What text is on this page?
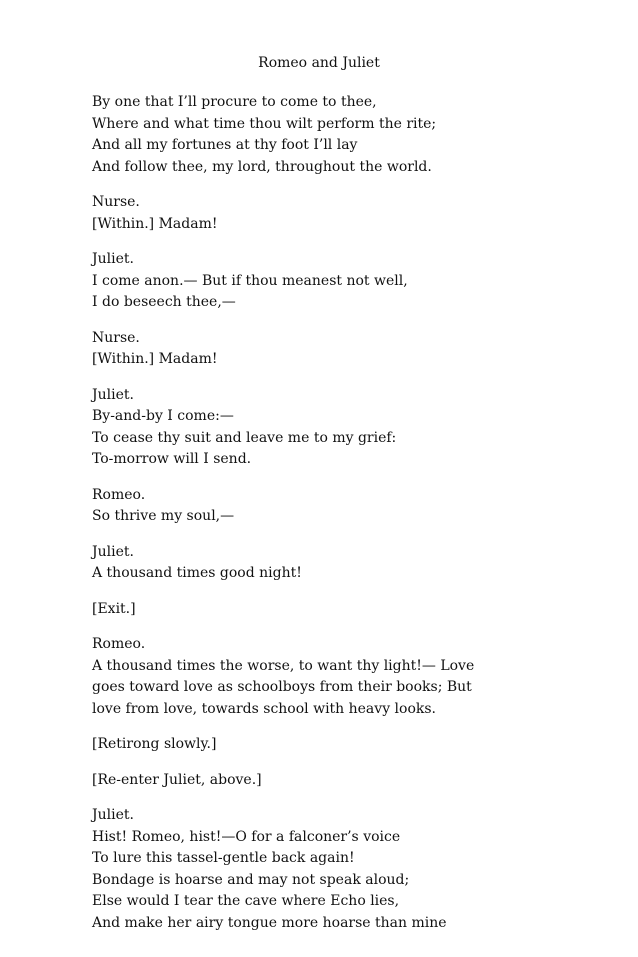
Romeo and Juliet
By one that I’ll procure to come to thee,
Where and what time thou wilt perform the rite;
And all my fortunes at thy foot I’ll lay
And follow thee, my lord, throughout the world.
Nurse.
[Within.] Madam!
Juliet.
I come anon.— But if thou meanest not well,
I do beseech thee,—
Nurse.
[Within.] Madam!
Juliet.
By-and-by I come:—
To cease thy suit and leave me to my grief:
To-morrow will I send.
Romeo.
So thrive my soul,—
Juliet.
A thousand times good night!
[Exit.]
Romeo.
A thousand times the worse, to want thy light!— Love
goes toward love as schoolboys from their books; But
love from love, towards school with heavy looks.
[Retirong slowly.]
[Re-enter Juliet, above.]
Juliet.
Hist! Romeo, hist!—O for a falconer’s voice
To lure this tassel-gentle back again!
Bondage is hoarse and may not speak aloud;
Else would I tear the cave where Echo lies,
And make her airy tongue more hoarse than mine
